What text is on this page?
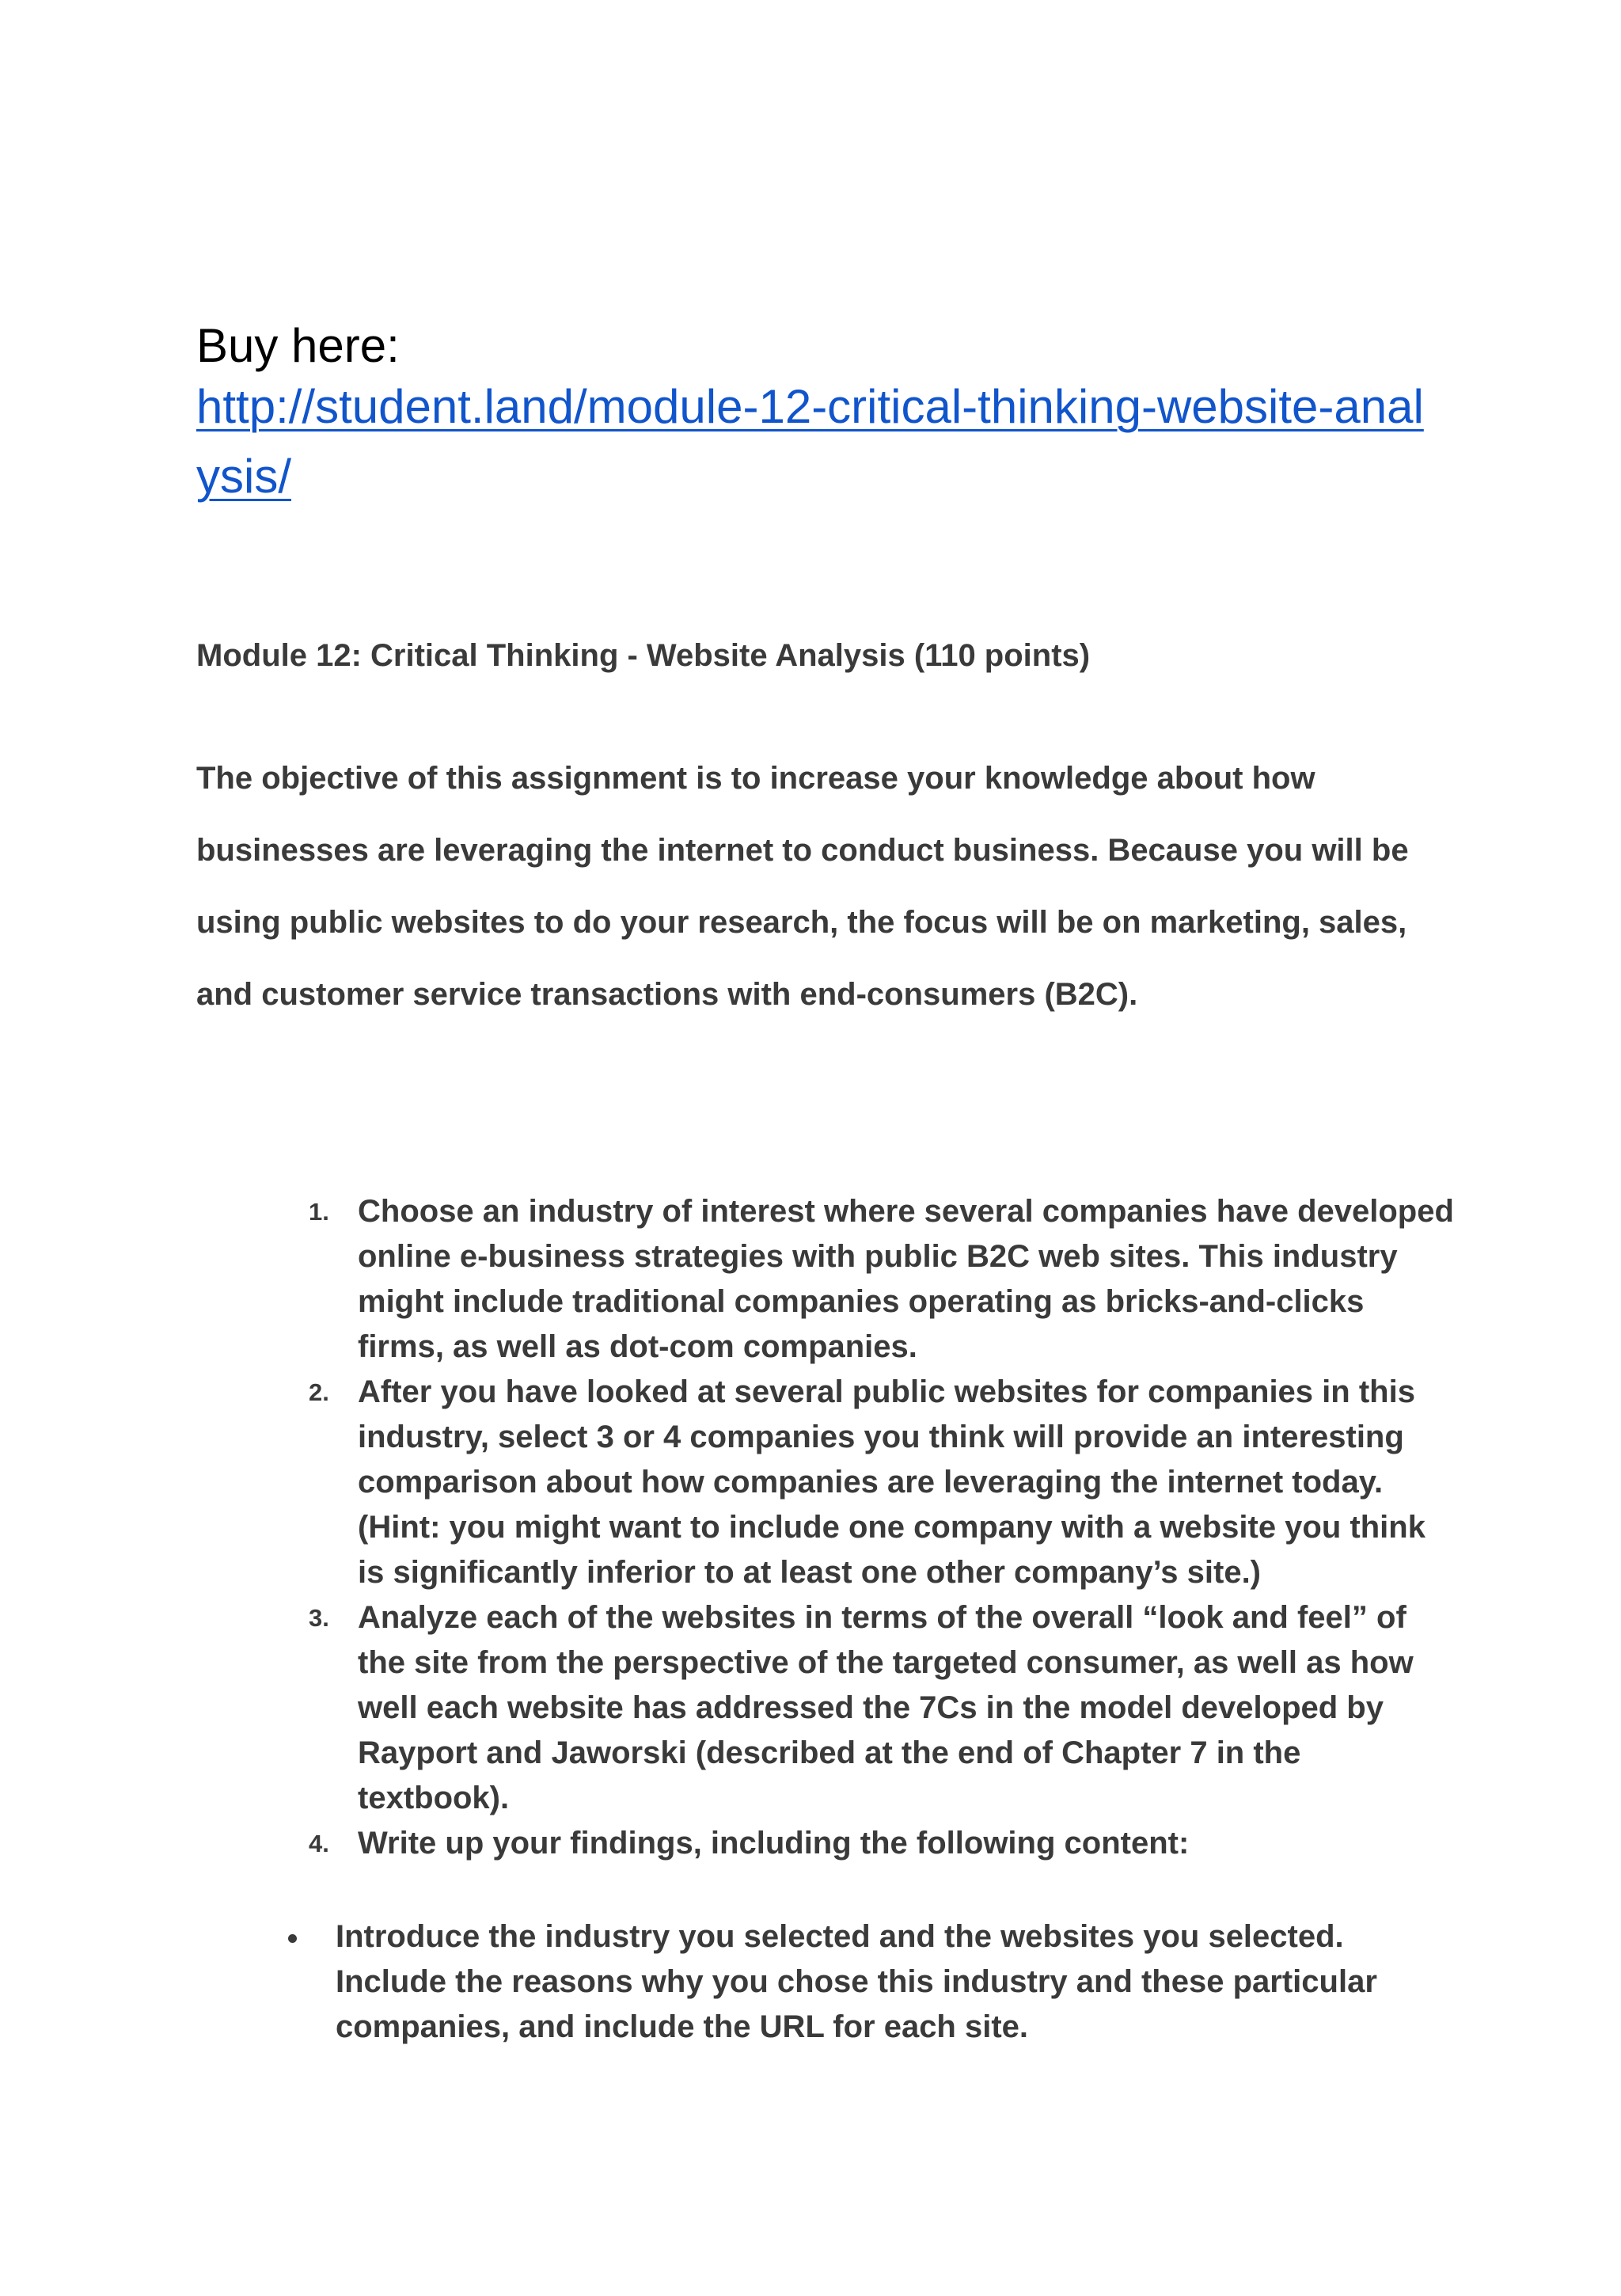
Buy here:
http://student.land/module-12-critical-thinking-website-analysis/
Module 12: Critical Thinking - Website Analysis (110 points)

The objective of this assignment is to increase your knowledge about how businesses are leveraging the internet to conduct business. Because you will be using public websites to do your research, the focus will be on marketing, sales, and customer service transactions with end-consumers (B2C).

1. Choose an industry of interest where several companies have developed online e-business strategies with public B2C web sites. This industry might include traditional companies operating as bricks-and-clicks firms, as well as dot-com companies.
2. After you have looked at several public websites for companies in this industry, select 3 or 4 companies you think will provide an interesting comparison about how companies are leveraging the internet today. (Hint: you might want to include one company with a website you think is significantly inferior to at least one other company’s site.)
3. Analyze each of the websites in terms of the overall “look and feel” of the site from the perspective of the targeted consumer, as well as how well each website has addressed the 7Cs in the model developed by Rayport and Jaworski (described at the end of Chapter 7 in the textbook).
4. Write up your findings, including the following content:
Introduce the industry you selected and the websites you selected. Include the reasons why you chose this industry and these particular companies, and include the URL for each site.
